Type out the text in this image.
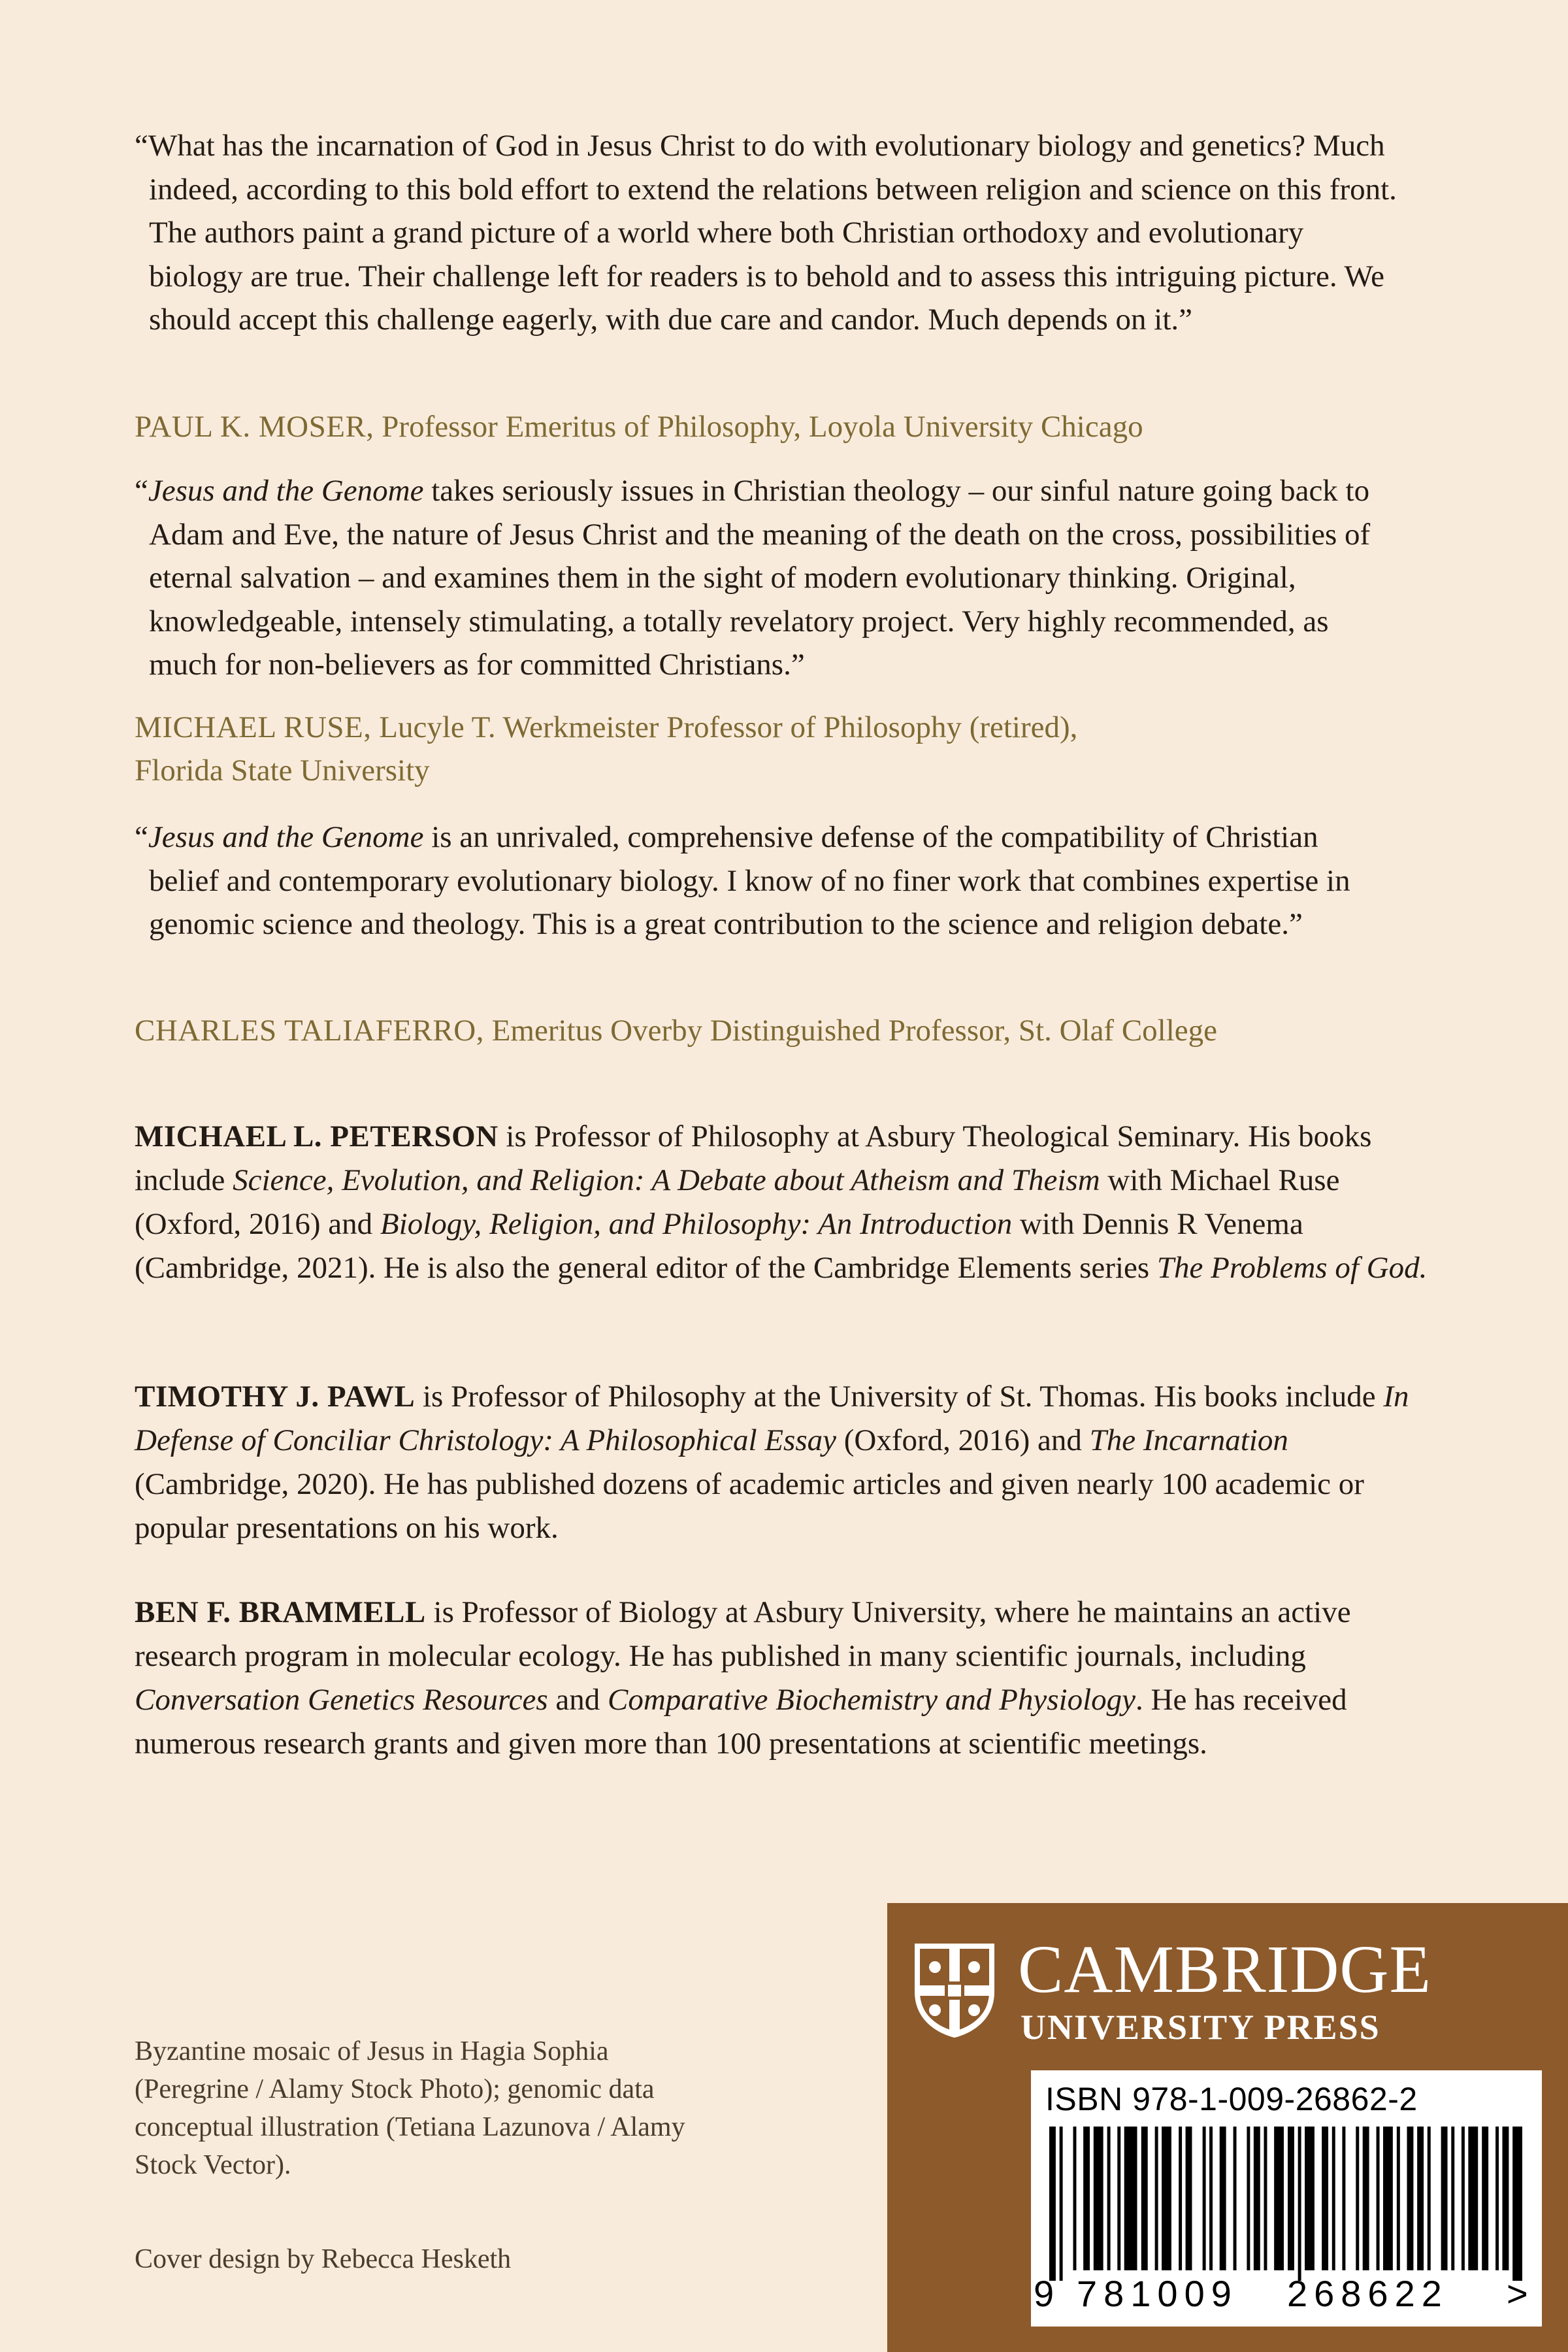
“What has the incarnation of God in Jesus Christ to do with evolutionary biology and genetics? Much indeed, according to this bold effort to extend the relations between religion and science on this front. The authors paint a grand picture of a world where both Christian orthodoxy and evolutionary biology are true. Their challenge left for readers is to behold and to assess this intriguing picture. We should accept this challenge eagerly, with due care and candor. Much depends on it.”

PAUL K. MOSER, Professor Emeritus of Philosophy, Loyola University Chicago

“Jesus and the Genome takes seriously issues in Christian theology – our sinful nature going back to Adam and Eve, the nature of Jesus Christ and the meaning of the death on the cross, possibilities of eternal salvation – and examines them in the sight of modern evolutionary thinking. Original, knowledgeable, intensely stimulating, a totally revelatory project. Very highly recommended, as much for non-believers as for committed Christians.”

MICHAEL RUSE, Lucyle T. Werkmeister Professor of Philosophy (retired), Florida State University

“Jesus and the Genome is an unrivaled, comprehensive defense of the compatibility of Christian belief and contemporary evolutionary biology. I know of no finer work that combines expertise in genomic science and theology. This is a great contribution to the science and religion debate.”

CHARLES TALIAFERRO, Emeritus Overby Distinguished Professor, St. Olaf College
MICHAEL L. PETERSON is Professor of Philosophy at Asbury Theological Seminary. His books include Science, Evolution, and Religion: A Debate about Atheism and Theism with Michael Ruse (Oxford, 2016) and Biology, Religion, and Philosophy: An Introduction with Dennis R Venema (Cambridge, 2021). He is also the general editor of the Cambridge Elements series The Problems of God.
TIMOTHY J. PAWL is Professor of Philosophy at the University of St. Thomas. His books include In Defense of Conciliar Christology: A Philosophical Essay (Oxford, 2016) and The Incarnation (Cambridge, 2020). He has published dozens of academic articles and given nearly 100 academic or popular presentations on his work.
BEN F. BRAMMELL is Professor of Biology at Asbury University, where he maintains an active research program in molecular ecology. He has published in many scientific journals, including Conversation Genetics Resources and Comparative Biochemistry and Physiology. He has received numerous research grants and given more than 100 presentations at scientific meetings.
Byzantine mosaic of Jesus in Hagia Sophia (Peregrine / Alamy Stock Photo); genomic data conceptual illustration (Tetiana Lazunova / Alamy Stock Vector).
Cover design by Rebecca Hesketh
CAMBRIDGE
UNIVERSITY PRESS
ISBN 978-1-009-26862-2
9 781009 268622 >
